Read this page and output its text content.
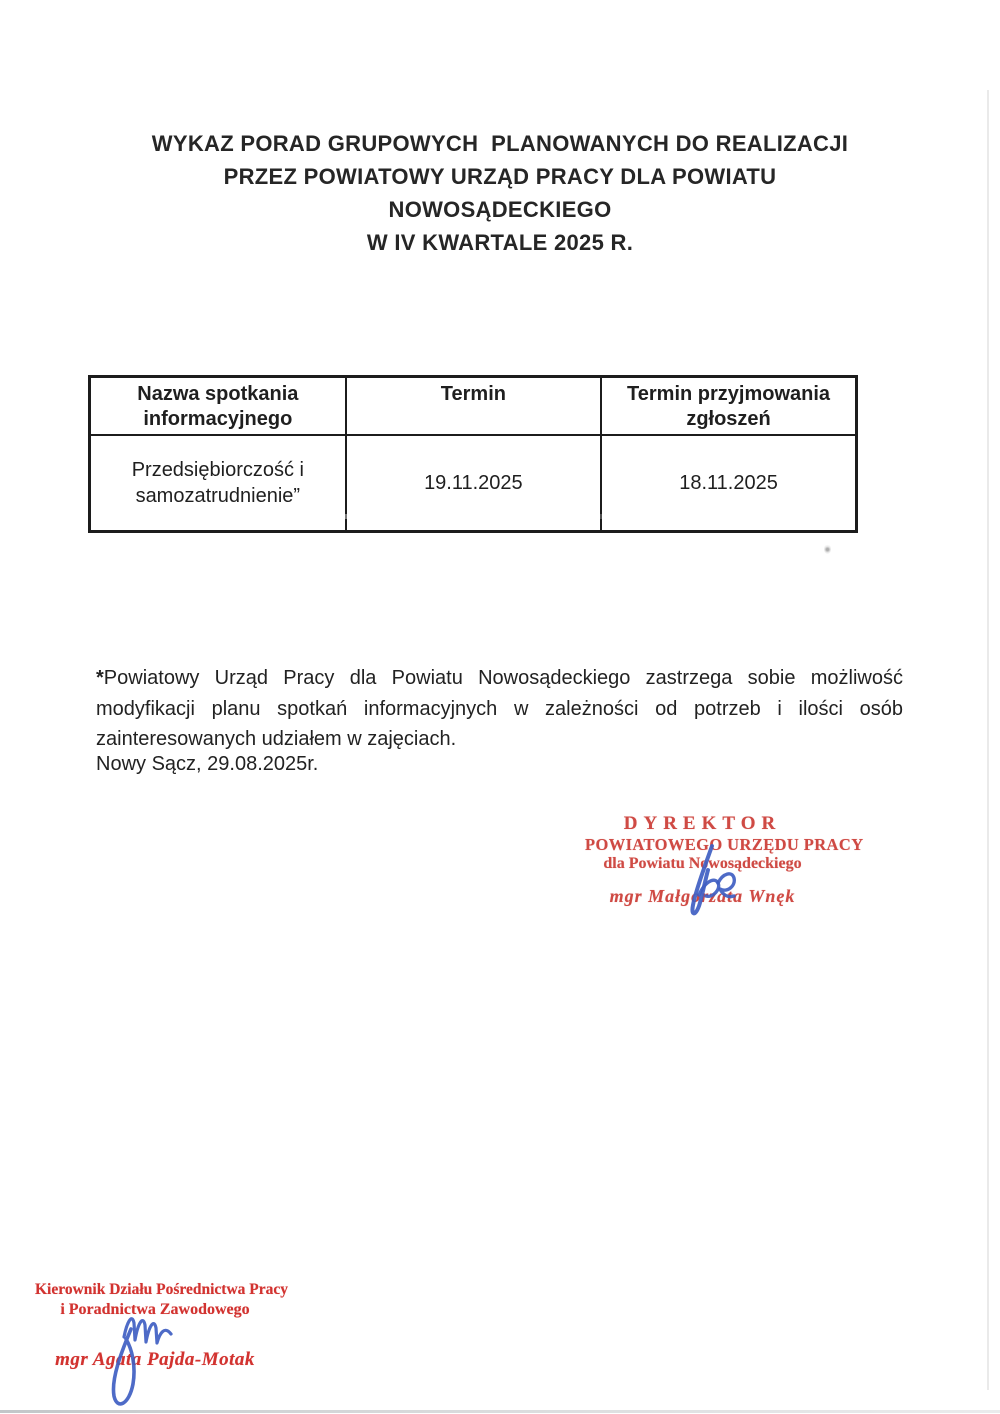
WYKAZ PORAD GRUPOWYCH  PLANOWANYCH DO REALIZACJI
PRZEZ POWIATOWY URZĄD PRACY DLA POWIATU
NOWOSĄDECKIEGO
W IV KWARTALE 2025 R.
Nazwa spotkania informacyjnego	Termin	Termin przyjmowania zgłoszeń
Przedsiębiorczość i samozatrudnienie”	19.11.2025	18.11.2025

*Powiatowy Urząd Pracy dla Powiatu Nowosądeckiego zastrzega sobie możliwość modyfikacji planu spotkań informacyjnych w zależności od potrzeb i ilości osób zainteresowanych udziałem w zajęciach.

Nowy Sącz, 29.08.2025r.
DYREKTOR
POWIATOWEGO URZĘDU PRACY
dla Powiatu Nowosądeckiego
mgr Małgorzata Wnęk
Kierownik Działu Pośrednictwa Pracy
i Poradnictwa Zawodowego
mgr Agata Pajda-Motak
